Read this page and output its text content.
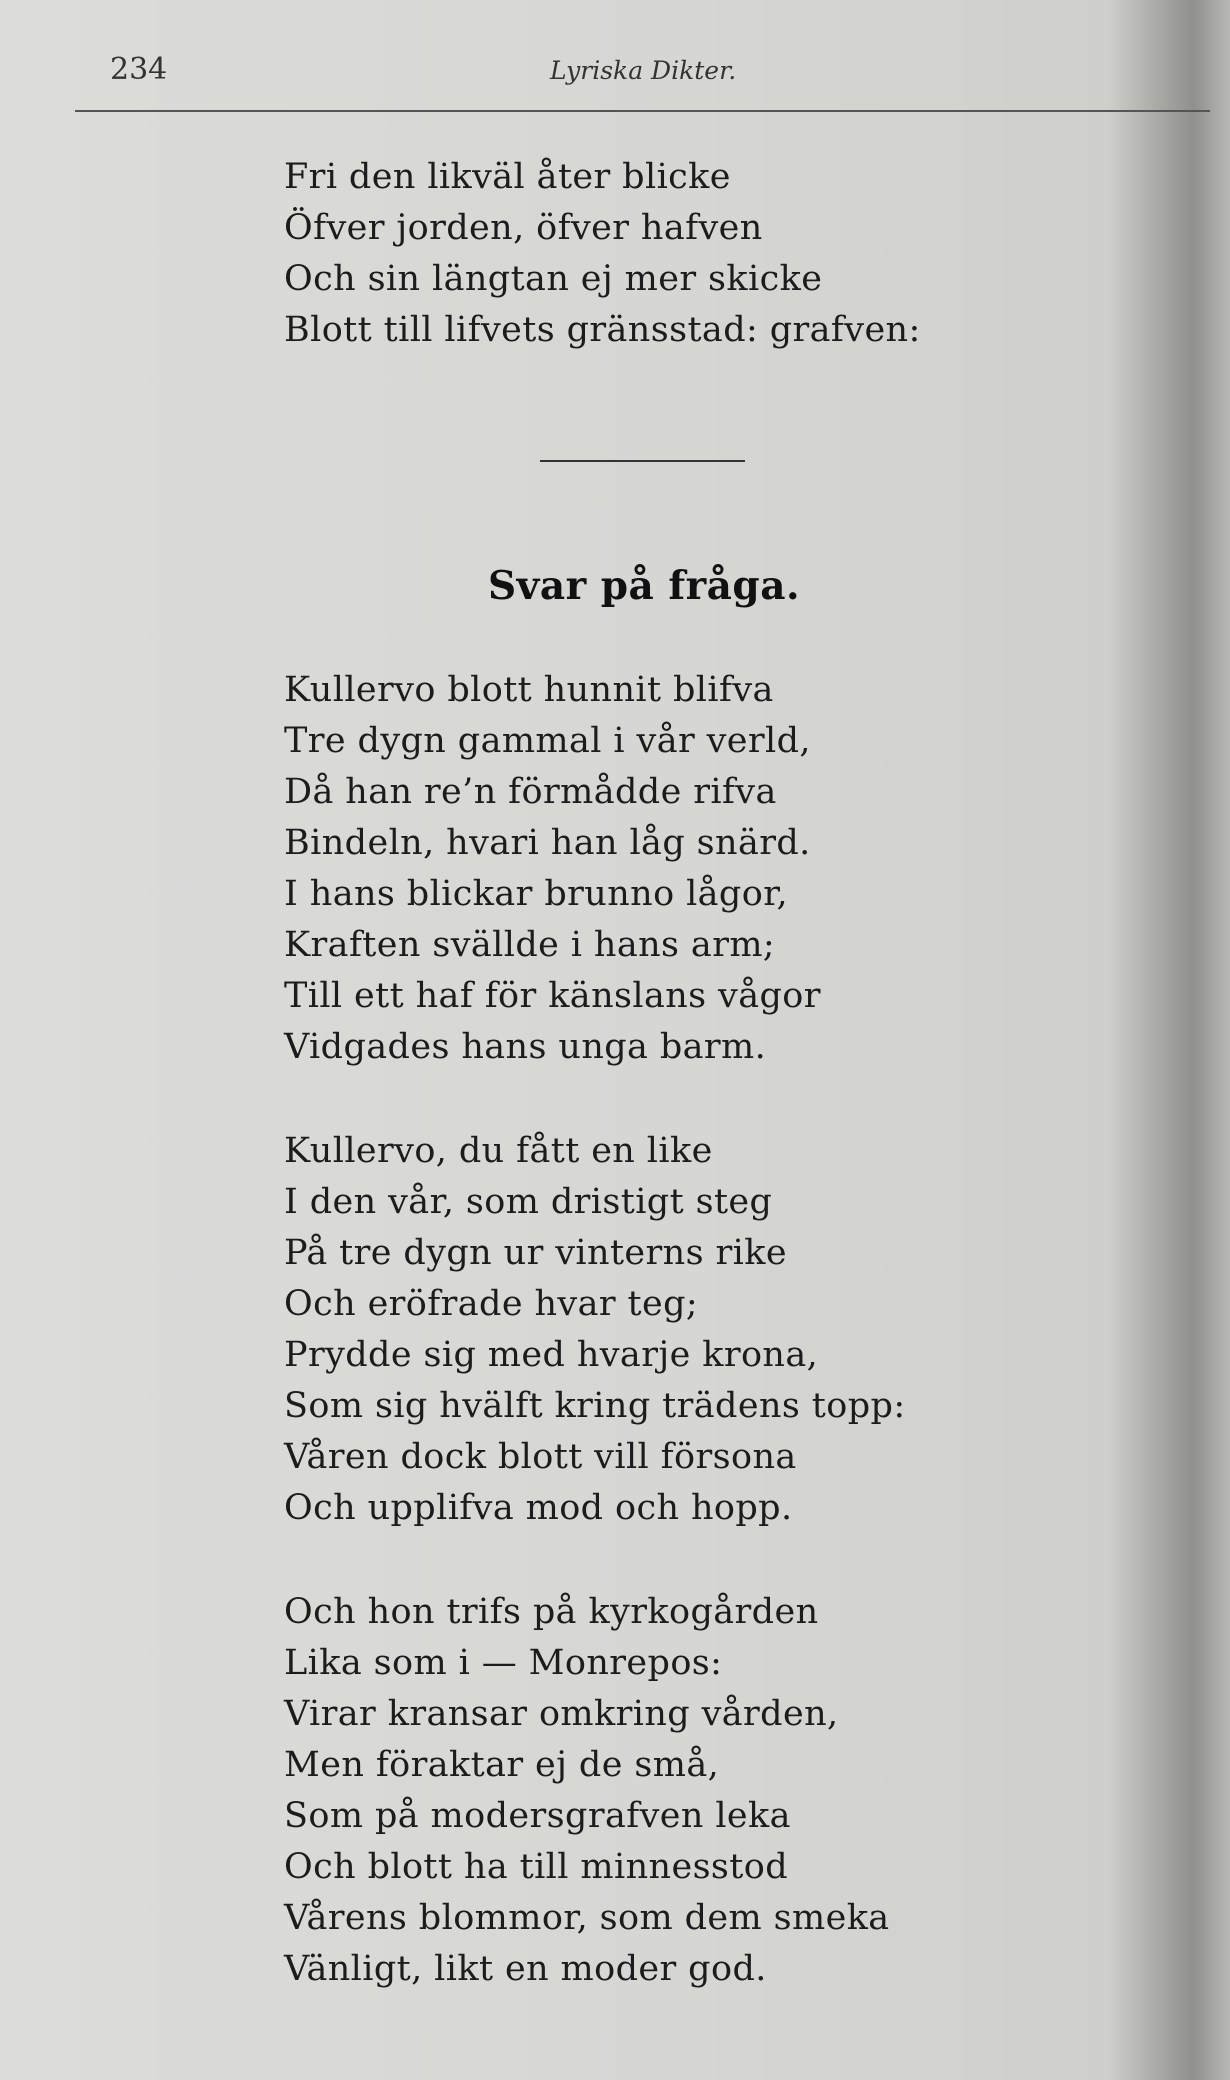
234	Lyriska Dikter.
Fri den likväl åter blicke
Öfver jorden, öfver hafven
Och sin längtan ej mer skicke
Blott till lifvets gränsstad: grafven:
Svar på fråga.
Kullervo blott hunnit blifva
Tre dygn gammal i vår verld,
Då han re’n förmådde rifva
Bindeln, hvari han låg snärd.
I hans blickar brunno lågor,
Kraften svällde i hans arm;
Till ett haf för känslans vågor
Vidgades hans unga barm.
Kullervo, du fått en like
I den vår, som dristigt steg
På tre dygn ur vinterns rike
Och eröfrade hvar teg;
Prydde sig med hvarje krona,
Som sig hvälft kring trädens topp:
Våren dock blott vill försona
Och upplifva mod och hopp.
Och hon trifs på kyrkogården
Lika som i — Monrepos:
Virar kransar omkring vården,
Men föraktar ej de små,
Som på modersgrafven leka
Och blott ha till minnesstod
Vårens blommor, som dem smeka
Vänligt, likt en moder god.
